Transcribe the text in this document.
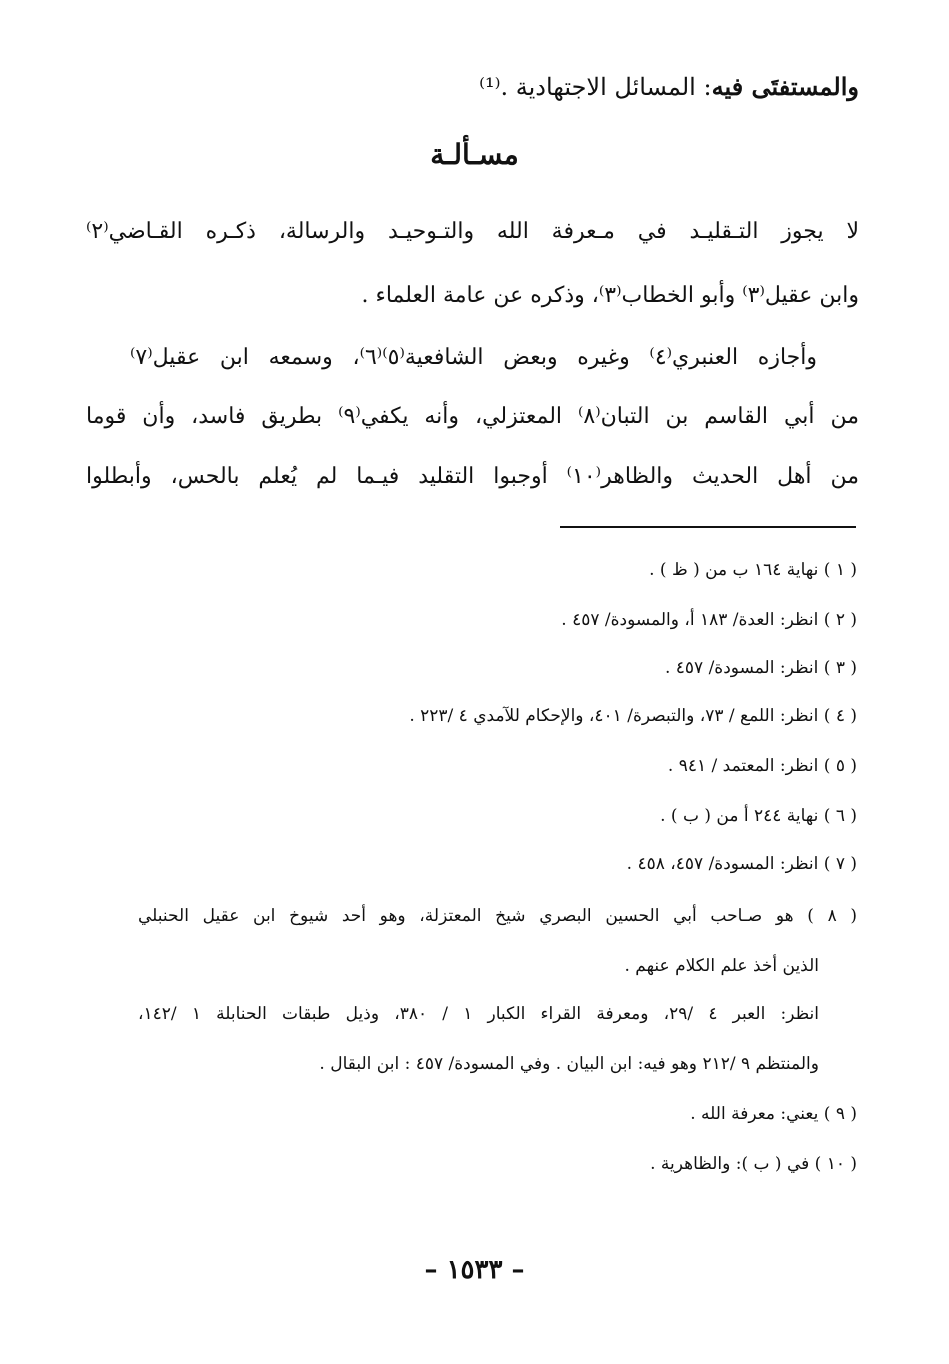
والمستفتَى فيه: المسائل الاجتهادية .⁽¹⁾
مسـألـة
لا يجوز التـقليـد في مـعرفة الله والتـوحيـد والرسالة، ذكـره القـاضي⁽٢⁾
وابن عقيل⁽٣⁾ وأبو الخطاب⁽٣⁾، وذكره عن عامة العلماء .
وأجازه العنبري⁽٤⁾ وغيره وبعض الشافعية⁽٥⁾⁽٦⁾، وسمعه ابن عقيل⁽٧⁾
من أبي القاسم بن التبان⁽٨⁾ المعتزلي، وأنه يكفي⁽٩⁾ بطريق فاسد، وأن قوما
من أهل الحديث والظاهر⁽١٠⁾ أوجبوا التقليد فيـما لم يُعلم بالحس، وأبطلوا
( ١ ) نهاية ١٦٤ ب من ( ظ ) .
( ٢ ) انظر: العدة/ ١٨٣ أ، والمسودة/ ٤٥٧ .
( ٣ ) انظر: المسودة/ ٤٥٧ .
( ٤ ) انظر: اللمع / ٧٣، والتبصرة/ ٤٠١، والإحكام للآمدي ٤ /٢٢٣ .
( ٥ ) انظر: المعتمد / ٩٤١ .
( ٦ ) نهاية ٢٤٤ أ من ( ب ) .
( ٧ ) انظر: المسودة/ ٤٥٧، ٤٥٨ .
( ٨ ) هو صـاحب أبي الحسين البصري شيخ المعتزلة، وهو أحد شيوخ ابن عقيل الحنبلي
الذين أخذ علم الكلام عنهم .
انظر: العبر ٤ /٢٩، ومعرفة القراء الكبار ١ / ٣٨٠، وذيل طبقات الحنابلة ١ /١٤٢،
والمنتظم ٩ /٢١٢ وهو فيه: ابن البيان . وفي المسودة/ ٤٥٧ : ابن البقال .
( ٩ ) يعني: معرفة الله .
( ١٠ ) في ( ب ): والظاهرية .
– ١٥٣٣ –
